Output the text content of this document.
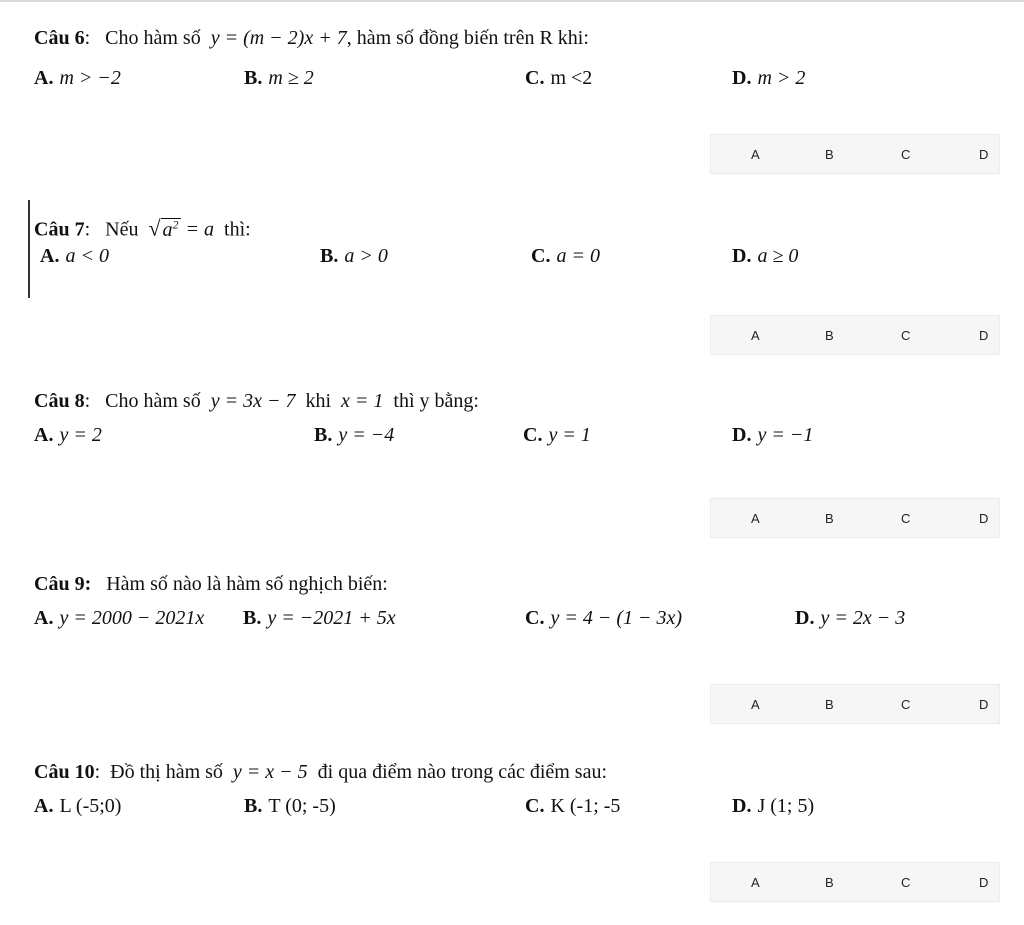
Câu 6: Cho hàm số y = (m − 2)x + 7, hàm số đồng biến trên R khi:
A. m > −2	B. m ≥ 2	C. m <2	D. m > 2
A	B	C	D
Câu 7: Nếu √ $a^2 = a$ thì:
A. a < 0	B. a > 0	C. a = 0	D. a ≥ 0
A	B	C	D
Câu 8: Cho hàm số y = 3x − 7 khi x = 1 thì y bằng:
A. y = 2	B. y = −4	C. y = 1	D. y = −1
A	B	C	D
Câu 9: Hàm số nào là hàm số nghịch biến:
A. y = 2000 − 2021x B. y = −2021 + 5x	C. y = 4 − (1 − 3x)	D. y = 2x − 3
A	B	C	D
Câu 10: Đồ thị hàm số y = x − 5 đi qua điểm nào trong các điểm sau:
A. L (-5;0)	B. T (0; -5)	C. K (-1; -5	D. J (1; 5)
A	B	C	D
